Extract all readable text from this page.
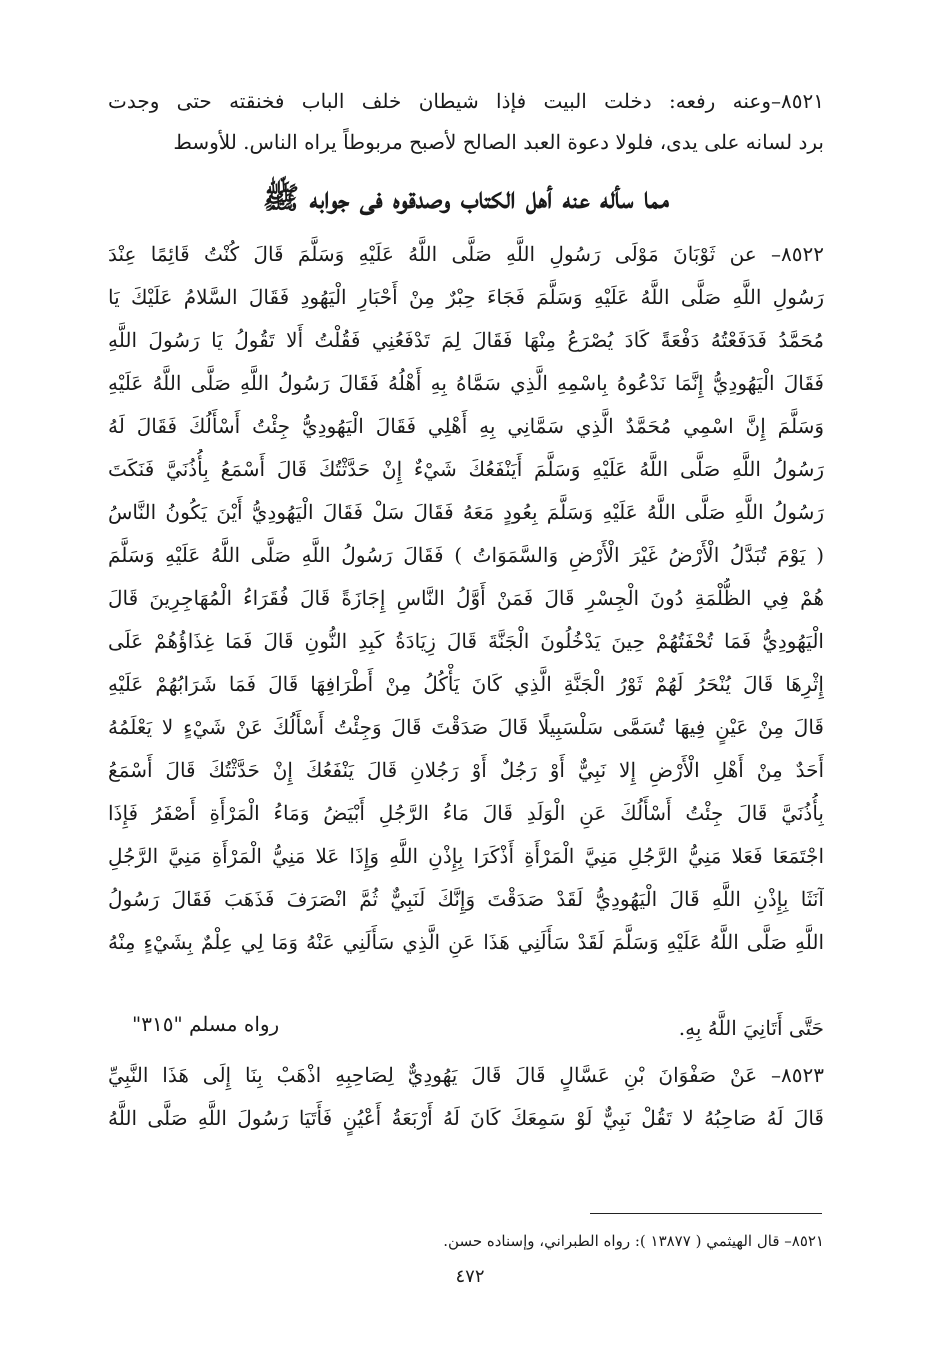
٨٥٢١–وعنه رفعه: دخلت البيت فإذا شيطان خلف الباب فخنقته حتى وجدت
برد لسانه على يدى، فلولا دعوة العبد الصالح لأصبح مربوطاً يراه الناس. للأوسط
مما سأله عنه أهل الكتاب وصدقوه فى جوابه ﷺ
٨٥٢٢– عن ثَوْبَانَ مَوْلَى رَسُولِ اللَّهِ صَلَّى اللَّهُ عَلَيْهِ وَسَلَّمَ قَالَ كُنْتُ قَائِمًا عِنْدَ
رَسُولِ اللَّهِ صَلَّى اللَّهُ عَلَيْهِ وَسَلَّمَ فَجَاءَ حِبْرٌ مِنْ أَحْبَارِ الْيَهُودِ فَقَالَ السَّلامُ عَلَيْكَ يَا
مُحَمَّدُ فَدَفَعْتُهُ دَفْعَةً كَادَ يُصْرَعُ مِنْهَا فَقَالَ لِمَ تَدْفَعُنِي فَقُلْتُ أَلا تَقُولُ يَا رَسُولَ اللَّهِ
فَقَالَ الْيَهُودِيُّ إِنَّمَا نَدْعُوهُ بِاسْمِهِ الَّذِي سَمَّاهُ بِهِ أَهْلُهُ فَقَالَ رَسُولُ اللَّهِ صَلَّى اللَّهُ عَلَيْهِ
وَسَلَّمَ إِنَّ اسْمِي مُحَمَّدٌ الَّذِي سَمَّانِي بِهِ أَهْلِي فَقَالَ الْيَهُودِيُّ جِئْتُ أَسْأَلُكَ فَقَالَ لَهُ
رَسُولُ اللَّهِ صَلَّى اللَّهُ عَلَيْهِ وَسَلَّمَ أَيَنْفَعُكَ شَيْءٌ إِنْ حَدَّثْتُكَ قَالَ أَسْمَعُ بِأُذُنَيَّ فَنَكَتَ
رَسُولُ اللَّهِ صَلَّى اللَّهُ عَلَيْهِ وَسَلَّمَ بِعُودٍ مَعَهُ فَقَالَ سَلْ فَقَالَ الْيَهُودِيُّ أَيْنَ يَكُونُ النَّاسُ
( يَوْمَ تُبَدَّلُ الْأَرْضُ غَيْرَ الْأَرْضِ وَالسَّمَوَاتُ ) فَقَالَ رَسُولُ اللَّهِ صَلَّى اللَّهُ عَلَيْهِ وَسَلَّمَ
هُمْ فِي الظُّلْمَةِ دُونَ الْجِسْرِ قَالَ فَمَنْ أَوَّلُ النَّاسِ إِجَازَةً قَالَ فُقَرَاءُ الْمُهَاجِرِينَ قَالَ
الْيَهُودِيُّ فَمَا تُحْفَتُهُمْ حِينَ يَدْخُلُونَ الْجَنَّةَ قَالَ زِيَادَةُ كَبِدِ النُّونِ قَالَ فَمَا غِذَاؤُهُمْ عَلَى
إِثْرِهَا قَالَ يُنْحَرُ لَهُمْ ثَوْرُ الْجَنَّةِ الَّذِي كَانَ يَأْكُلُ مِنْ أَطْرَافِهَا قَالَ فَمَا شَرَابُهُمْ عَلَيْهِ
قَالَ مِنْ عَيْنٍ فِيهَا تُسَمَّى سَلْسَبِيلًا قَالَ صَدَقْتَ قَالَ وَجِئْتُ أَسْأَلُكَ عَنْ شَيْءٍ لا يَعْلَمُهُ
أَحَدٌ مِنْ أَهْلِ الْأَرْضِ إِلا نَبِيٌّ أَوْ رَجُلٌ أَوْ رَجُلانِ قَالَ يَنْفَعُكَ إِنْ حَدَّثْتُكَ قَالَ أَسْمَعُ
بِأُذُنَيَّ قَالَ جِئْتُ أَسْأَلُكَ عَنِ الْوَلَدِ قَالَ مَاءُ الرَّجُلِ أَبْيَضُ وَمَاءُ الْمَرْأَةِ أَصْفَرُ فَإِذَا
اجْتَمَعَا فَعَلا مَنِيُّ الرَّجُلِ مَنِيَّ الْمَرْأَةِ أَذْكَرَا بِإِذْنِ اللَّهِ وَإِذَا عَلا مَنِيُّ الْمَرْأَةِ مَنِيَّ الرَّجُلِ
آنَثَا بِإِذْنِ اللَّهِ قَالَ الْيَهُودِيُّ لَقَدْ صَدَقْتَ وَإِنَّكَ لَنَبِيٌّ ثُمَّ انْصَرَفَ فَذَهَبَ فَقَالَ رَسُولُ
اللَّهِ صَلَّى اللَّهُ عَلَيْهِ وَسَلَّمَ لَقَدْ سَأَلَنِي هَذَا عَنِ الَّذِي سَأَلَنِي عَنْهُ وَمَا لِي عِلْمٌ بِشَيْءٍ مِنْهُ
حَتَّى أَتَانِيَ اللَّهُ بِهِ.
رواه مسلم "٣١٥"
٨٥٢٣– عَنْ صَفْوَانَ بْنِ عَسَّالٍ قَالَ قَالَ يَهُودِيٌّ لِصَاحِبِهِ اذْهَبْ بِنَا إِلَى هَذَا النَّبِيِّ
قَالَ لَهُ صَاحِبُهُ لا تَقُلْ نَبِيٌّ لَوْ سَمِعَكَ كَانَ لَهُ أَرْبَعَةُ أَعْيُنٍ فَأَتَيَا رَسُولَ اللَّهِ صَلَّى اللَّهُ
٨٥٢١– قال الهيثمي ( ١٣٨٧٧ ): رواه الطبراني، وإسناده حسن.
٤٧٢
